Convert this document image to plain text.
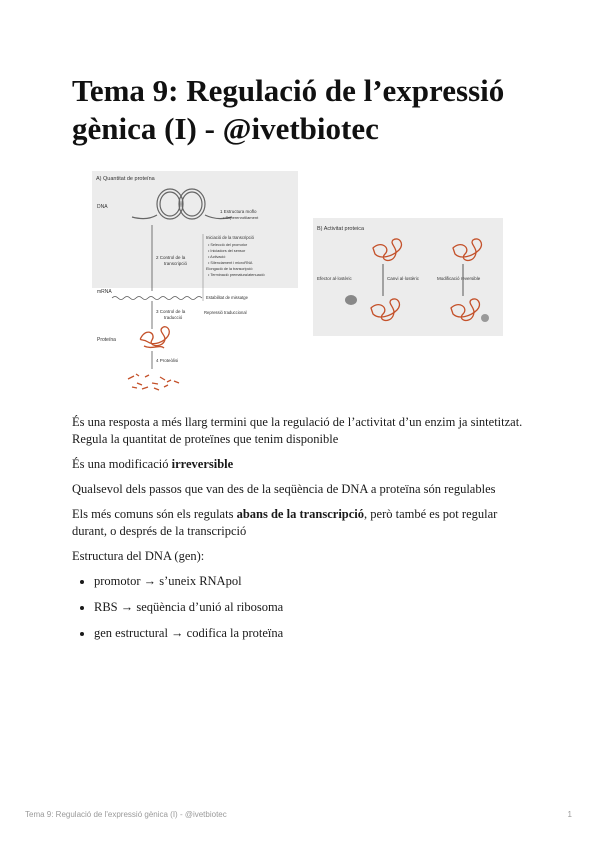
Tema 9: Regulació de l’expressió gènica (I) - @ivetbiotec
A) Quantitat de proteïna
DNA
1 Estructura moflo
• Superenrotllament
2 Control de la
transcripció
Iniciació de la transcripció
• Selecció del promotor
• Iniciadors del sensor
• Activació
• Silenciament i microRNA
Elongació de la transcripció
• Terminació prematura/atenuació
mRNA
Estabilitat de missatge
3 Control de la
traducció
Repressió traduccional
Proteïna
4 Proteòlisi
B) Activitat proteica
Canvi al·lostèric
Efector al·lostèric	Modificació reversible

És una resposta a més llarg termini que la regulació de l’activitat d’un enzim ja sintetitzat. Regula la quantitat de proteïnes que tenim disponible

És una modificació irreversible

Qualsevol dels passos que van des de la seqüència de DNA a proteïna són regulables

Els més comuns són els regulats abans de la transcripció, però també es pot regular durant, o després de la transcripció

Estructura del DNA (gen):

• promotor → s’uneix RNApol
• RBS → seqüència d’unió al ribosoma
• gen estructural → codifica la proteïna
Tema 9: Regulació de l'expressió gènica (I) - @ivetbiotec	1
